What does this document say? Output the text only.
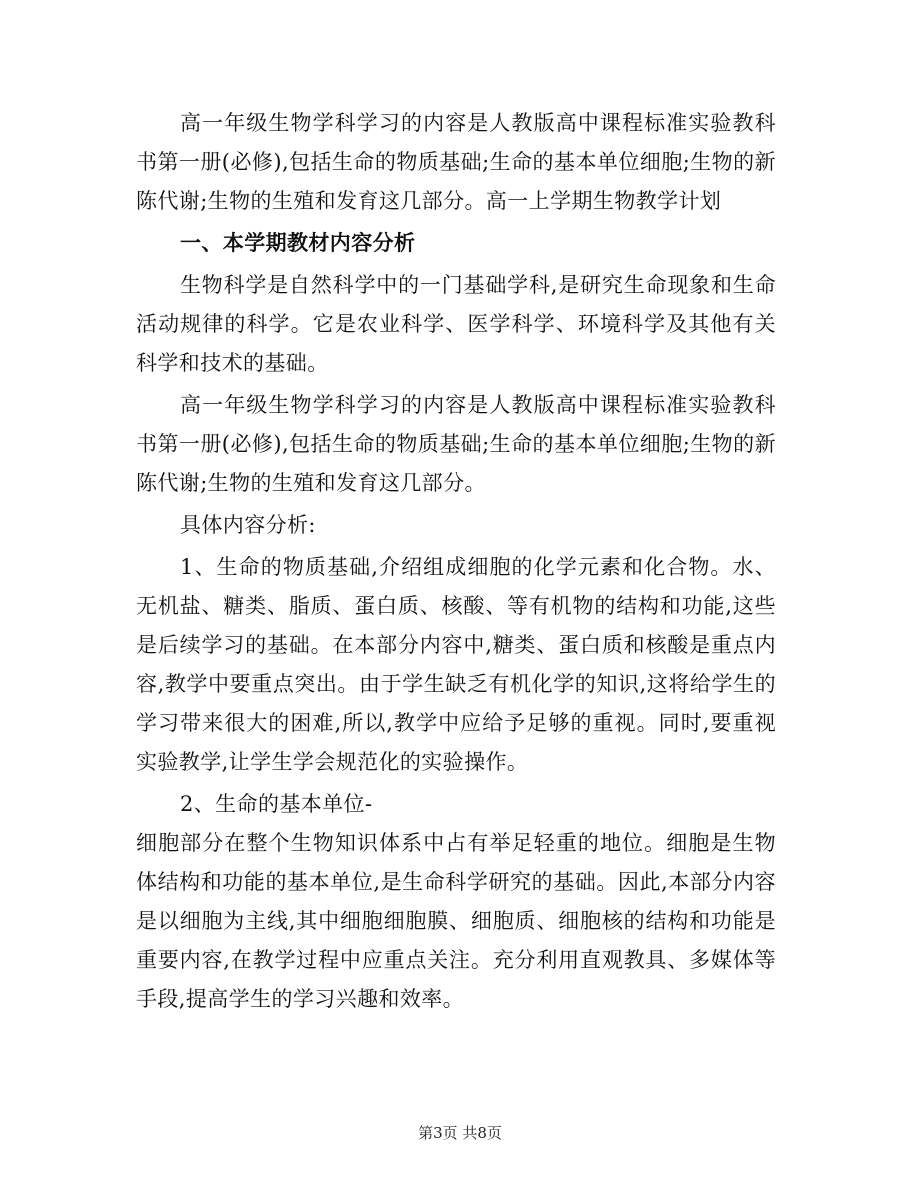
高一年级生物学科学习的内容是人教版高中课程标准实验教科书第一册(必修),包括生命的物质基础;生命的基本单位细胞;生物的新陈代谢;生物的生殖和发育这几部分。高一上学期生物教学计划

一、本学期教材内容分析

生物科学是自然科学中的一门基础学科,是研究生命现象和生命活动规律的科学。它是农业科学、医学科学、环境科学及其他有关科学和技术的基础。

高一年级生物学科学习的内容是人教版高中课程标准实验教科书第一册(必修),包括生命的物质基础;生命的基本单位细胞;生物的新陈代谢;生物的生殖和发育这几部分。

具体内容分析:

1、生命的物质基础,介绍组成细胞的化学元素和化合物。水、无机盐、糖类、脂质、蛋白质、核酸、等有机物的结构和功能,这些是后续学习的基础。在本部分内容中,糖类、蛋白质和核酸是重点内容,教学中要重点突出。由于学生缺乏有机化学的知识,这将给学生的学习带来很大的困难,所以,教学中应给予足够的重视。同时,要重视实验教学,让学生学会规范化的实验操作。

2、生命的基本单位-

细胞部分在整个生物知识体系中占有举足轻重的地位。细胞是生物体结构和功能的基本单位,是生命科学研究的基础。因此,本部分内容是以细胞为主线,其中细胞细胞膜、细胞质、细胞核的结构和功能是重要内容,在教学过程中应重点关注。充分利用直观教具、多媒体等手段,提高学生的学习兴趣和效率。

第3页 共8页
